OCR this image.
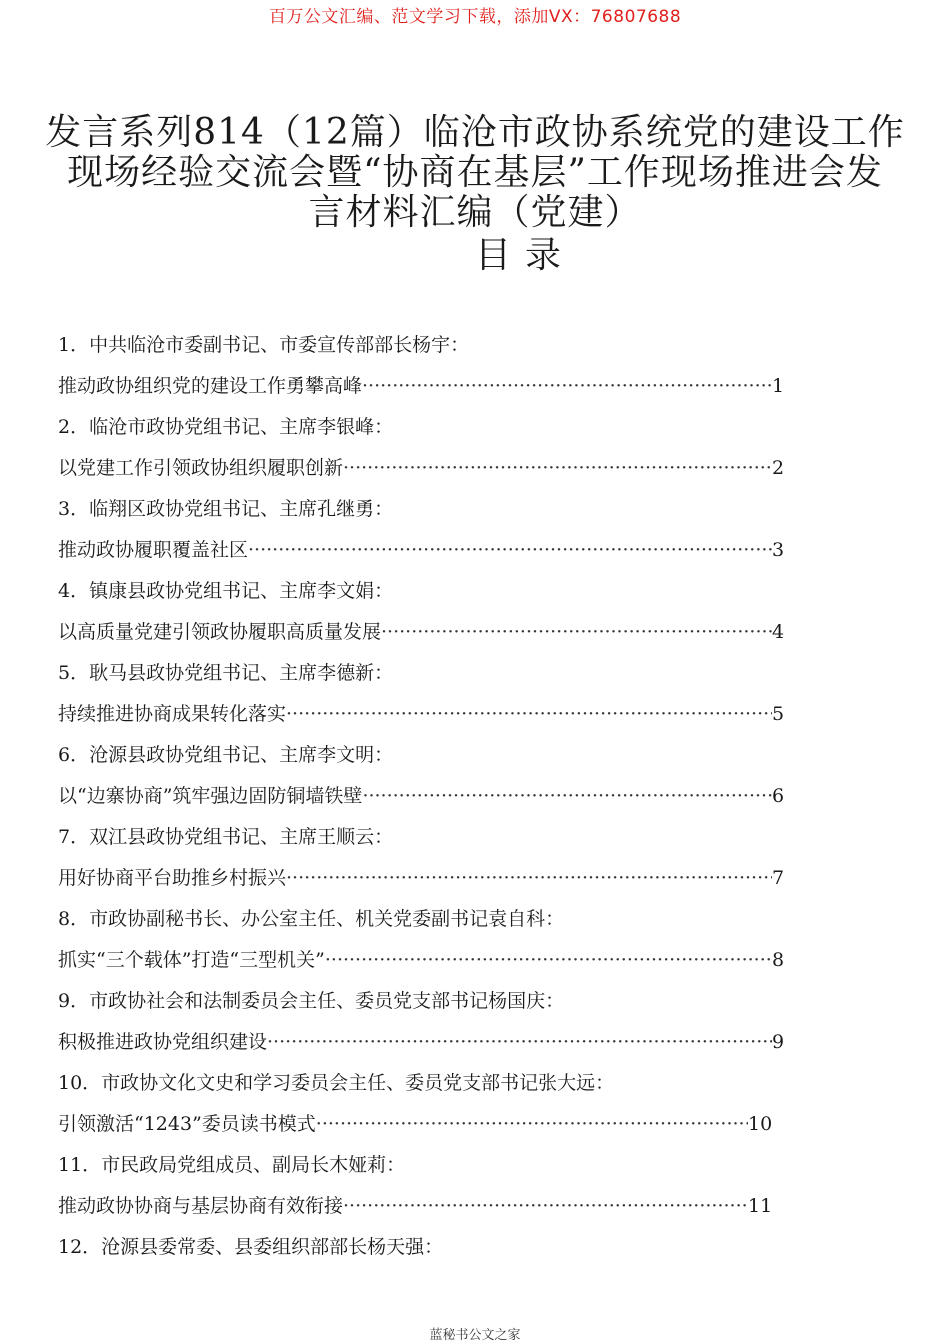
百万公文汇编、范文学习下载，添加VX：76807688
发言系列814（12篇）临沧市政协系统党的建设工作
现场经验交流会暨“协商在基层”工作现场推进会发
言材料汇编（党建）
目录
1．中共临沧市委副书记、市委宣传部部长杨宇：
推动政协组织党的建设工作勇攀高峰 ·····	1
2．临沧市政协党组书记、主席李银峰：
以党建工作引领政协组织履职创新 ·····	2
3．临翔区政协党组书记、主席孔继勇：
推动政协履职覆盖社区 ·····	3
4．镇康县政协党组书记、主席李文娟：
以高质量党建引领政协履职高质量发展 ·····	4
5．耿马县政协党组书记、主席李德新：
持续推进协商成果转化落实 ·····	5
6．沧源县政协党组书记、主席李文明：
以“边寨协商”筑牢强边固防铜墙铁壁 ·····	6
7．双江县政协党组书记、主席王顺云：
用好协商平台助推乡村振兴 ·····	7
8．市政协副秘书长、办公室主任、机关党委副书记袁自科：
抓实“三个载体”打造“三型机关” ·····	8
9．市政协社会和法制委员会主任、委员党支部书记杨国庆：
积极推进政协党组织建设 ·····	9
10．市政协文化文史和学习委员会主任、委员党支部书记张大远：
引领激活“1243”委员读书模式 ·····	10
11．市民政局党组成员、副局长木娅莉：
推动政协协商与基层协商有效衔接 ·····	11
12．沧源县委常委、县委组织部部长杨天强：
蓝秘书公文之家
